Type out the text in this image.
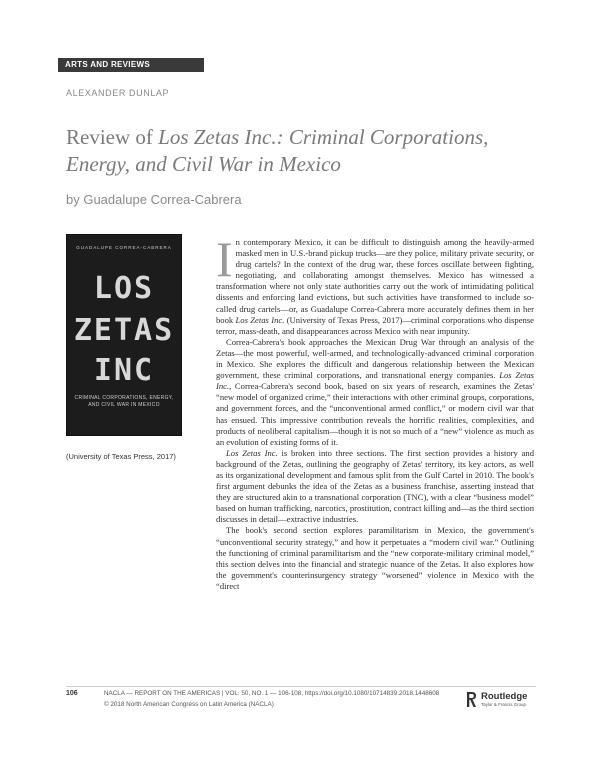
ARTS AND REVIEWS
ALEXANDER DUNLAP
Review of Los Zetas Inc.: Criminal Corporations, Energy, and Civil War in Mexico
by Guadalupe Correa-Cabrera
GUADALUPE CORREA-CABRERA
LOS
ZETAS
INC
CRIMINAL CORPORATIONS, ENERGY, AND CIVIL WAR IN MEXICO
(University of Texas Press, 2017)

In contemporary Mexico, it can be difficult to distinguish among the heavily-armed masked men in U.S.-brand pickup trucks—are they police, military private security, or drug cartels? In the context of the drug war, these forces oscillate between fighting, negotiating, and collaborating amongst themselves. Mexico has witnessed a transformation where not only state authorities carry out the work of intimidating political dissents and enforcing land evictions, but such activities have transformed to include so-called drug cartels—or, as Guadalupe Correa-Cabrera more accurately defines them in her book Los Zetas Inc. (University of Texas Press, 2017)—criminal corporations who dispense terror, mass-death, and disappearances across Mexico with near impunity.

Correa-Cabrera's book approaches the Mexican Drug War through an analysis of the Zetas—the most powerful, well-armed, and technologically-advanced criminal corporation in Mexico. She explores the difficult and dangerous relationship between the Mexican government, these criminal corporations, and transnational energy companies. Los Zetas Inc., Correa-Cabrera's second book, based on six years of research, examines the Zetas' “new model of organized crime,” their interactions with other criminal groups, corporations, and government forces, and the “unconventional armed conflict,” or modern civil war that has ensued. This impressive contribution reveals the horrific realities, complexities, and products of neoliberal capitalism—though it is not so much of a “new” violence as much as an evolution of existing forms of it.

Los Zetas Inc. is broken into three sections. The first section provides a history and background of the Zetas, outlining the geography of Zetas' territory, its key actors, as well as its organizational development and famous split from the Gulf Cartel in 2010. The book's first argument debunks the idea of the Zetas as a business franchise, asserting instead that they are structured akin to a transnational corporation (TNC), with a clear “business model” based on human trafficking, narcotics, prostitution, contract killing and—as the third section discusses in detail—extractive industries.

The book's second section explores paramilitarism in Mexico, the government's “unconventional security strategy,” and how it perpetuates a “modern civil war.” Outlining the functioning of criminal paramilitarism and the “new corporate-military criminal model,” this section delves into the financial and strategic nuance of the Zetas. It also explores how the government's counterinsurgency strategy “worsened” violence in Mexico with the “direct

106	NACLA — REPORT ON THE AMERICAS | VOL. 50, NO. 1 — 106-108, https://doi.org/10.1080/10714839.2018.1448608
© 2018 North American Congress on Latin America (NACLA)
Routledge
Taylor & Francis Group
